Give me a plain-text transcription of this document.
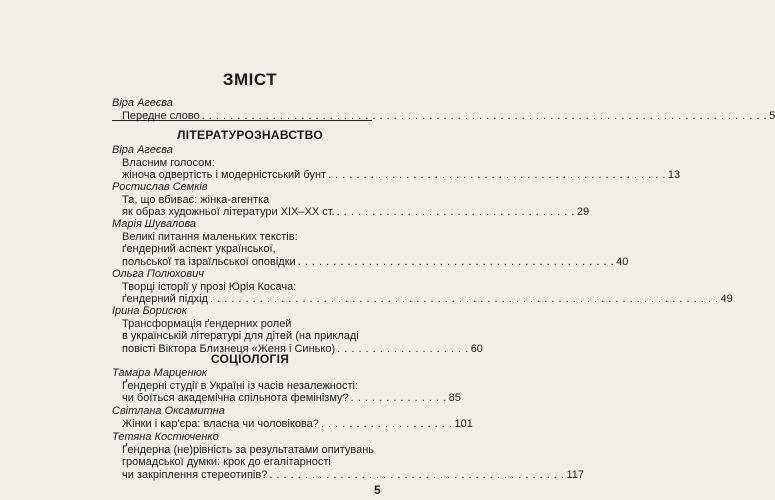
ЗМІСТ
Віра Агеєва
Передне слово . . . . . . . . . . . . . . . . . . . . . . . . . . . . . . . . . . . . . . . . . . . . . . . . . . . . . . . . . . . . . . . . . . . . . . . . . . . . . . . . 5
ЛІТЕРАТУРОЗНАВСТВО
Віра Агеєва
Власним голосом:
жіноча одвертість і модерністський бунт . . . . . . . . . . . . . . . . . . . . . . . . . . . . . . . . . . . . . . . . . . . . . . . . 13
Ростислав Семків
Та, що вбиває: жінка-агентка
як образ художньої літератури XIX–XX ст. . . . . . . . . . . . . . . . . . . . . . . . . . . . . . . . . . . 29
Марія Шувалова
Великі питання маленьких текстів:
ґендерний аспект української,
польської та ізраїльської оповідки . . . . . . . . . . . . . . . . . . . . . . . . . . . . . . . . . . . . . . . . . . . . . 40
Ольга Полюхович
Творці історії у прозі Юрія Косача:
ґендерний підхід . . . . . . . . . . . . . . . . . . . . . . . . . . . . . . . . . . . . . . . . . . . . . . . . . . . . . . . . . . . . . . . . . . . . . . . . 49
Ірина Борисюк
Трансформація ґендерних ролей
в українській літературі для дітей (на прикладі
повісті Віктора Близнеця «Женя і Синько) . . . . . . . . . . . . . . . . . . . 60
СОЦІОЛОГІЯ
Тамара Марценюк
Ґендерні студії в Україні із часів незалежності:
чи боїться академічна спільнота фемінізму? . . . . . . . . . . . . . . 85
Світлана Оксамитна
Жінки і кар'єра: власна чи чоловікова? . . . . . . . . . . . . . . . . . . . 101
Тетяна Костюченко
Ґендерна (не)рівність за результатами опитувань
громадської думки: крок до егалітарності
чи закріплення стереотипів? . . . . . . . . . . . . . . . . . . . . . . . . . . . . . . . . . . . . . . . . . . 117
5
